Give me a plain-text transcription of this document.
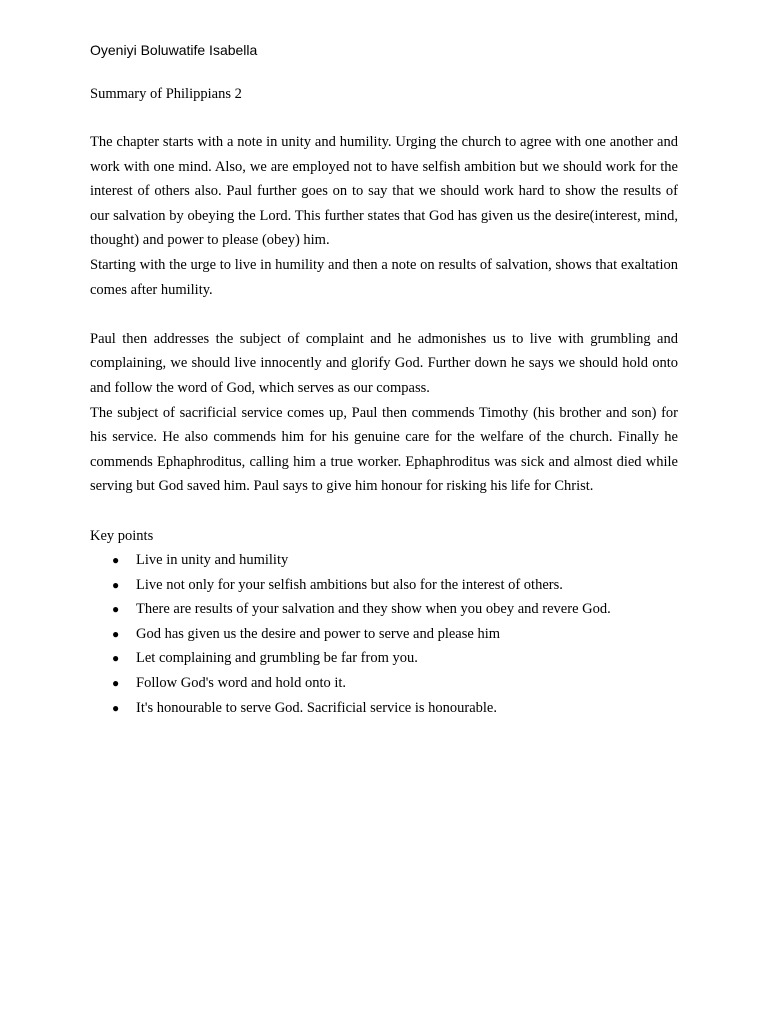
Oyeniyi Boluwatife Isabella
Summary of Philippians 2

The chapter starts with a note in unity and humility. Urging the church to agree with one another and work with one mind. Also, we are employed not to have selfish ambition but we should work for the interest of others also. Paul further goes on to say that we should work hard to show the results of our salvation by obeying the Lord. This further states that God has given us the desire(interest, mind, thought) and power to please (obey) him.

Starting with the urge to live in humility and then a note on results of salvation, shows that exaltation comes after humility.

Paul then addresses the subject of complaint and he admonishes us to live with grumbling and complaining, we should live innocently and glorify God. Further down he says we should hold onto and follow the word of God, which serves as our compass.

The subject of sacrificial service comes up, Paul then commends Timothy (his brother and son) for his service. He also commends him for his genuine care for the welfare of the church. Finally he commends Ephaphroditus, calling him a true worker. Ephaphroditus was sick and almost died while serving but God saved him. Paul says to give him honour for risking his life for Christ.

Key points

● Live in unity and humility
● Live not only for your selfish ambitions but also for the interest of others.
● There are results of your salvation and they show when you obey and revere God.
● God has given us the desire and power to serve and please him
● Let complaining and grumbling be far from you.
● Follow God's word and hold onto it.
● It's honourable to serve God. Sacrificial service is honourable.
